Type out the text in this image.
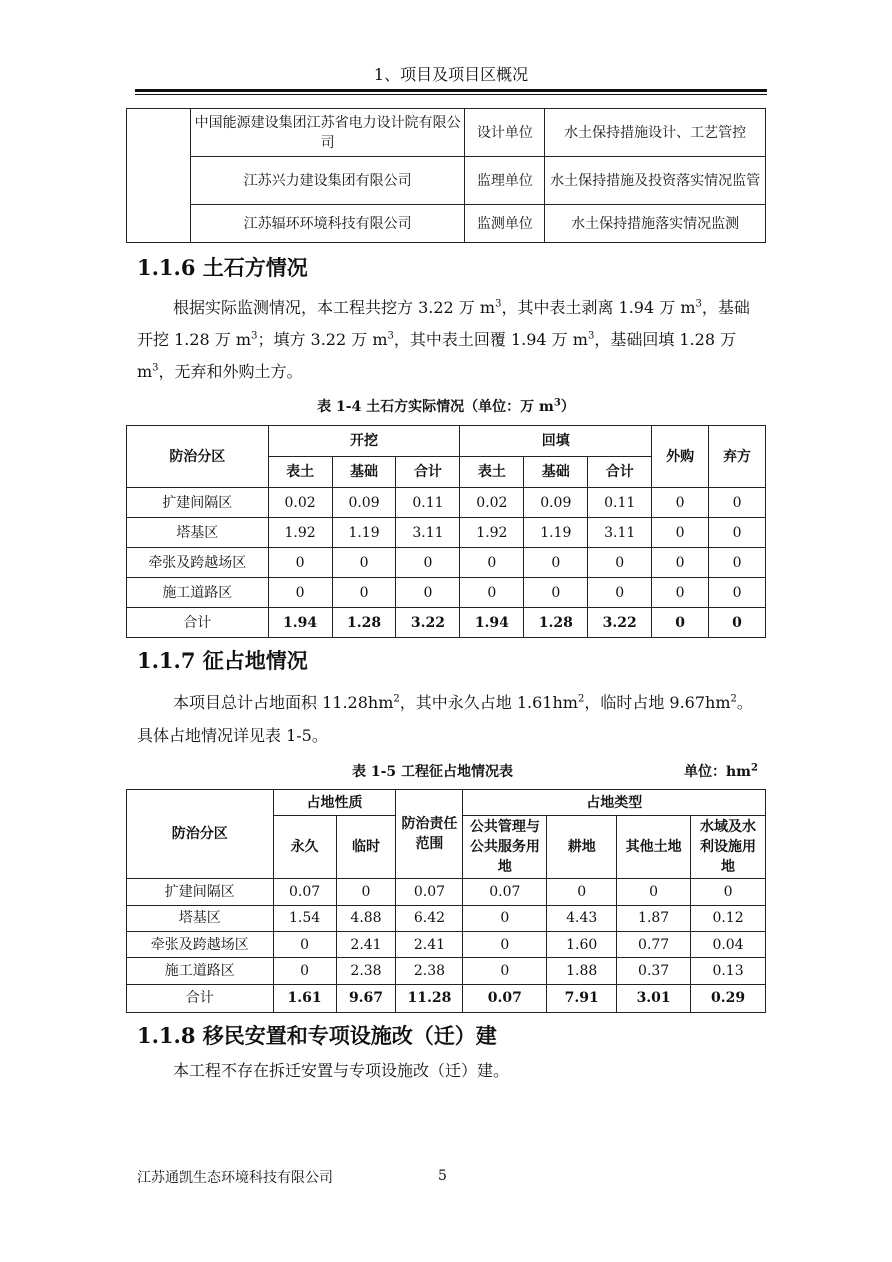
1、项目及项目区概况
	中国能源建设集团江苏省电力设计院有限公司	设计单位	水土保持措施设计、工艺管控
	江苏兴力建设集团有限公司	监理单位	水土保持措施及投资落实情况监管
	江苏辐环环境科技有限公司	监测单位	水土保持措施落实情况监测
1.1.6 土石方情况
根据实际监测情况，本工程共挖方 3.22 万 $m^3$，其中表土剥离 1.94 万 $m^3$，基础开挖 1.28 万 $m^3$；填方 3.22 万 $m^3$，其中表土回覆 1.94 万 $m^3$，基础回填 1.28 万 $m^3$，无弃和外购土方。
表 1-4 土石方实际情况（单位：万 $m^3$）
防治分区	开挖			回填			外购	弃方
	表土	基础	合计	表土	基础	合计		
扩建间隔区	0.02	0.09	0.11	0.02	0.09	0.11	0	0
塔基区	1.92	1.19	3.11	1.92	1.19	3.11	0	0
牵张及跨越场区	0	0	0	0	0	0	0	0
施工道路区	0	0	0	0	0	0	0	0
合计	1.94	1.28	3.22	1.94	1.28	3.22	0	0
1.1.7 征占地情况
本项目总计占地面积 $11.28hm^2$，其中永久占地 $1.61hm^2$，临时占地 $9.67hm^2$。具体占地情况详见表 1-5。
表 1-5 工程征占地情况表	单位：$hm^2$
防治分区	占地性质		防治责任范围	占地类型			
	永久	临时		公共管理与公共服务用地	耕地	其他土地	水域及水利设施用地
扩建间隔区	0.07	0	0.07	0.07	0	0	0
塔基区	1.54	4.88	6.42	0	4.43	1.87	0.12
牵张及跨越场区	0	2.41	2.41	0	1.60	0.77	0.04
施工道路区	0	2.38	2.38	0	1.88	0.37	0.13
合计	1.61	9.67	11.28	0.07	7.91	3.01	0.29
1.1.8 移民安置和专项设施改（迁）建
本工程不存在拆迁安置与专项设施改（迁）建。
江苏通凯生态环境科技有限公司	5
